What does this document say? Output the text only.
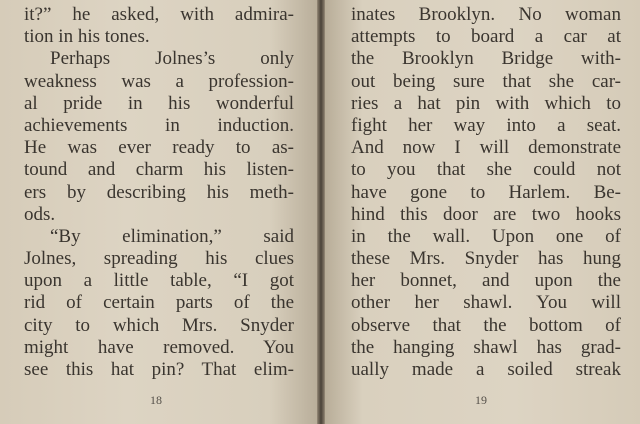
it?” he asked, with admira-
tion in his tones.
Perhaps Jolnes’s only
weakness was a profession-
al pride in his wonderful
achievements in induction.
He was ever ready to as-
tound and charm his listen-
ers by describing his meth-
ods.
“By elimination,” said
Jolnes, spreading his clues
upon a little table, “I got
rid of certain parts of the
city to which Mrs. Snyder
might have removed. You
see this hat pin? That elim-
18
inates Brooklyn. No woman
attempts to board a car at
the Brooklyn Bridge with-
out being sure that she car-
ries a hat pin with which to
fight her way into a seat.
And now I will demonstrate
to you that she could not
have gone to Harlem. Be-
hind this door are two hooks
in the wall. Upon one of
these Mrs. Snyder has hung
her bonnet, and upon the
other her shawl. You will
observe that the bottom of
the hanging shawl has grad-
ually made a soiled streak
19
